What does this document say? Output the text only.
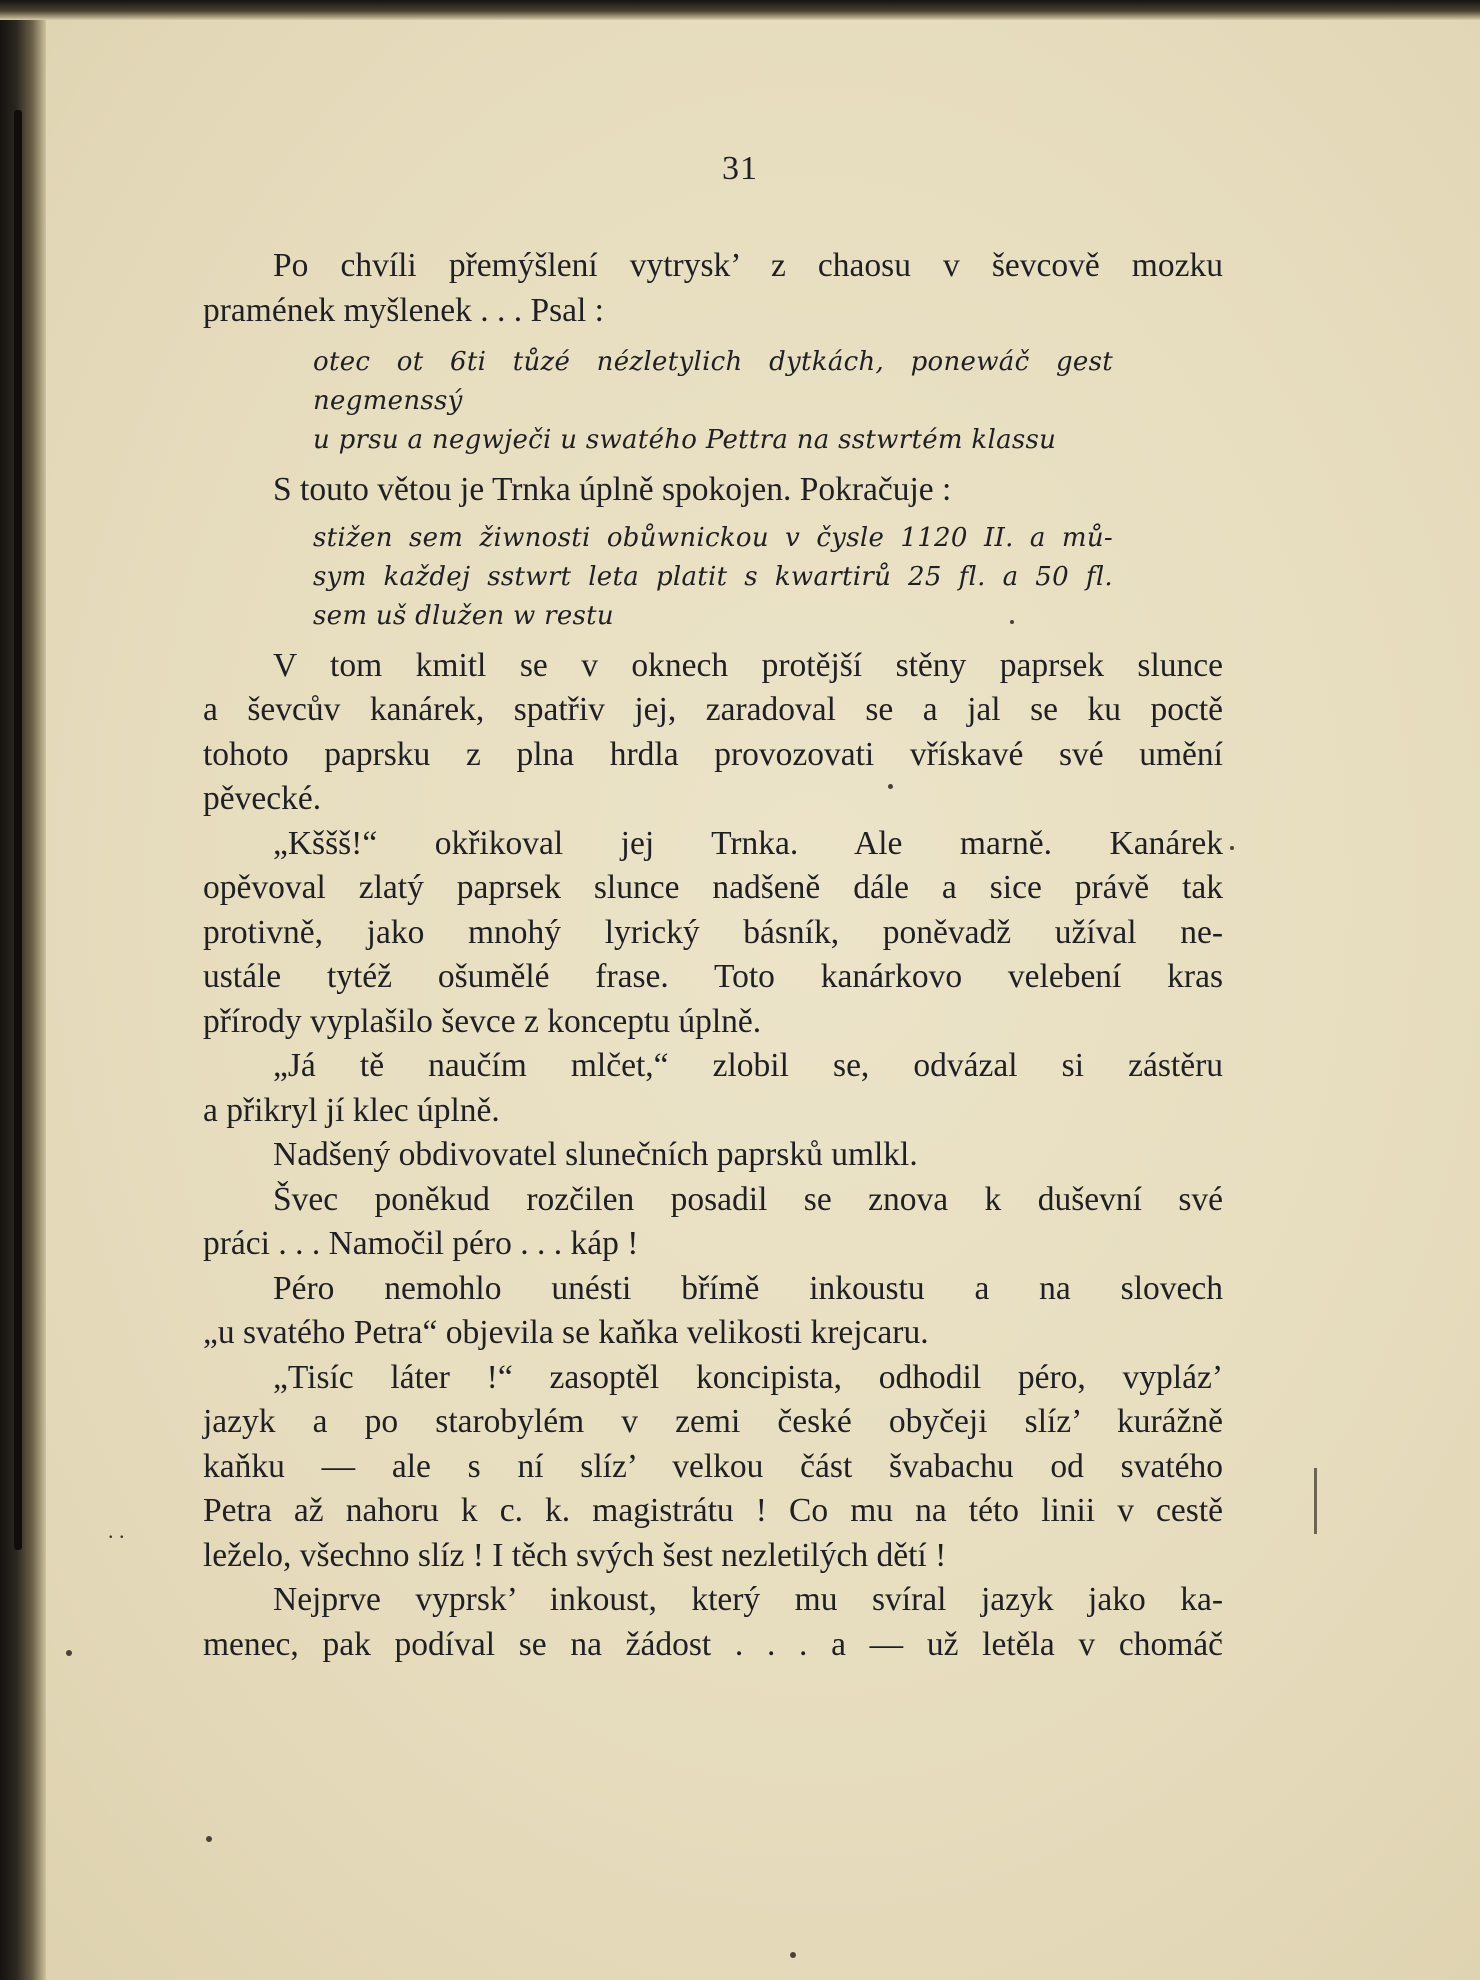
31

Po chvíli přemýšlení vytrysk’ z chaosu v ševcově mozku
pramének myšlenek . . . Psal :

otec ot 6ti tůzé nézletylich dytkách, ponewáč gest negmenssý
u prsu a negwječi u swatého Pettra na sstwrtém klassu

S touto větou je Trnka úplně spokojen. Pokračuje :

stižen sem žiwnosti obůwnickou v čysle 1120 II. a mů-
sym každej sstwrt leta platit s kwartirů 25 fl. a 50 fl.
sem uš dlužen w restu

V tom kmitl se v oknech protější stěny paprsek slunce
a ševcův kanárek, spatřiv jej, zaradoval se a jal se ku poctě
tohoto paprsku z plna hrdla provozovati vřískavé své umění
pěvecké.

„Kššš!“ okřikoval jej Trnka. Ale marně. Kanárek
opěvoval zlatý paprsek slunce nadšeně dále a sice právě tak
protivně, jako mnohý lyrický básník, poněvadž užíval ne-
ustále tytéž ošumělé frase. Toto kanárkovo velebení kras
přírody vyplašilo ševce z konceptu úplně.

„Já tě naučím mlčet,“ zlobil se, odvázal si zástěru
a přikryl jí klec úplně.

Nadšený obdivovatel slunečních paprsků umlkl.

Švec poněkud rozčilen posadil se znova k duševní své
práci . . . Namočil péro . . . káp !

Péro nemohlo unésti břímě inkoustu a na slovech
„u svatého Petra“ objevila se kaňka velikosti krejcaru.

„Tisíc láter !“ zasoptěl koncipista, odhodil péro, vypláz’
jazyk a po starobylém v zemi české obyčeji slíz’ kurážně
kaňku — ale s ní slíz’ velkou část švabachu od svatého
Petra až nahoru k c. k. magistrátu ! Co mu na této linii v cestě
leželo, všechno slíz ! I těch svých šest nezletilých dětí !

Nejprve vyprsk’ inkoust, který mu svíral jazyk jako ka-
menec, pak podíval se na žádost . . . a — už letěla v chomáč

. .
